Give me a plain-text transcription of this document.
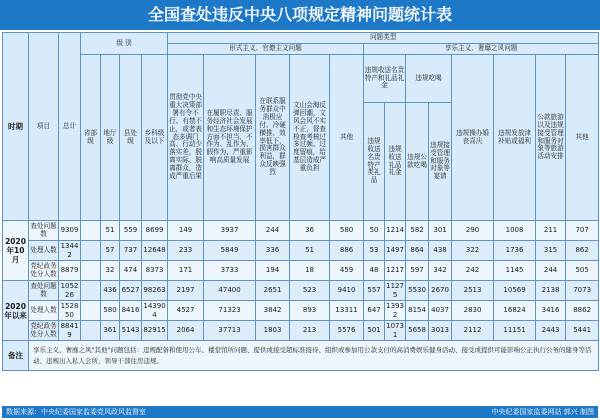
全国查处违反中央八项规定精神问题统计表
时期	项目	总计	级 别				问题类型												
							形式主义、官僚主义问题					享乐主义、奢靡之风问题							
			省部级	地厅级	县处级	乡科级及以下	贯彻党中央重大决策部署有令不行、有禁不止，或者表态多调门高、行动少落实差，脱离实际、脱离群众，造成严重后果	在履职尽责、服务经济社会发展和生态环境保护方面不担当、不作为、乱作为、假作为，严重影响高质量发展	在联系服务群众中消极应付、冷硬横推、效率低下，损害群众利益，群众反映强烈	文山会海反弹回潮，文风会风不实不正，督查检查考核过多过频、过度留痕，给基层造成严重负担	其他	违规收送名贵特产和礼品礼金		违规吃喝		违规操办婚丧喜庆	违规发放津补贴或福利	公款旅游以及违规接受管理和服务对象等旅游活动安排	其他
												违规收送名贵特产类礼品	违规收送礼品礼金	违规公款吃喝	违规接受管理和服务对象等宴请				

2020年10月	查处问题数	9309		51	559	8699	149	3937	244	36	580	50	1214	582	301	290	1008	211	707
	处理人数	13442		57	737	12648	233	5849	336	51	886	53	1497	864	438	322	1736	315	862
	党纪政务处分人数	8879		32	474	8373	171	3733	194	18	459	48	1217	597	342	242	1145	244	505
2020年以来	查处问题数	105226		436	6527	98263	2197	47400	2651	523	9410	557	11275	5530	2670	2513	10569	2138	7073
	处理人数	152850		580	8416	143904	4527	71323	3842	893	13311	647	13932	8154	4037	2830	16824	3416	8862
	党纪政务处分人数	88419		361	5143	82915	2064	37713	1803	213	5576	501	10731	5658	3013	2112	11151	2443	5441
备注	享乐主义、奢靡之风"其他"问题包括：违规配备和使用公车、楼堂馆所问题、提供或接受超标准接待、组织或参加用公款支付的高消费娱乐健身活动、接受或提供可能影响公正执行公务的健身等活动、违规出入私人会所、领导干部住房违规。																		
数据来源：中央纪委国家监委党风政风监督室	中央纪委国家监委网站 郭兴 制图
